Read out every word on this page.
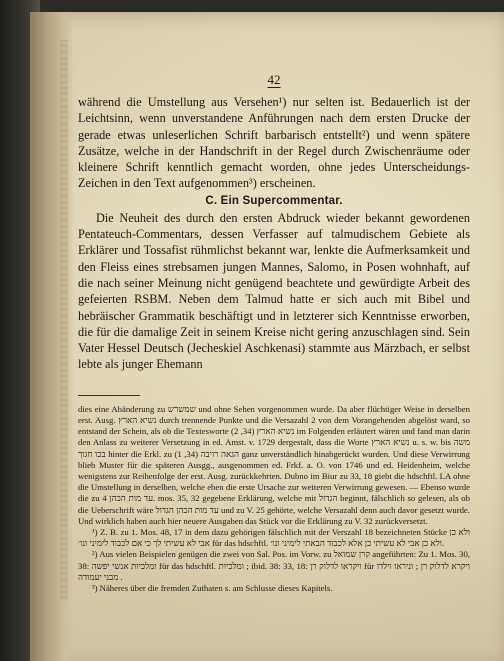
42

während die Umstellung aus Versehen¹) nur selten ist. Bedauerlich ist der Leichtsinn, wenn unverstandene Anführungen nach dem ersten Drucke der gerade etwas unleserlichen Schrift barbarisch entstellt²) und wenn spätere Zusätze, welche in der Handschrift in der Regel durch Zwischenräume oder kleinere Schrift kenntlich gemacht worden, ohne jedes Unterscheidungs-Zeichen in den Text aufgenommen³) erscheinen.

C. Ein Supercommentar.

Die Neuheit des durch den ersten Abdruck wieder bekannt gewordenen Pentateuch-Commentars, dessen Verfasser auf talmudischem Gebiete als Erklärer und Tossafist rühmlichst bekannt war, lenkte die Aufmerksamkeit und den Fleiss eines strebsamen jungen Mannes, Salomo, in Posen wohnhaft, auf die nach seiner Meinung nicht genügend beachtete und gewürdigte Arbeit des gefeierten RSBM. Neben dem Talmud hatte er sich auch mit Bibel und hebräischer Grammatik beschäftigt und in letzterer sich Kenntnisse erworben, die für die damalige Zeit in seinem Kreise nicht gering anzuschlagen sind. Sein Vater Hessel Deutsch (Jecheskiel Aschkenasi) stammte aus Märzbach, er selbst lebte als junger Ehemann

dies eine Abänderung zu שמשרש und ohne Sehen vorgenommen wurde. Da aber flüchtiger Weise in derselben erst. Ausg. נשיא הארץ durch trennende Punkte und die Versazahl 2 von dem Vorangehenden abgelöst ward, so entstand der Schein, als ob die Textesworte נשיא הארץ (34, 2) im Folgenden erläutert wären und fand man darin den Anlass zu weiterer Versetzung in ed. Amst. v. 1729 dergestalt, dass die Worte נשיא הארץ u. s. w. bis משה בכו חגוך hinter die Erkl. zu הגאה רויבה (34, 1) ganz unverständlich hinabgerückt wurden. Und diese Verwirrung blieb Muster für die späteren Ausgg., ausgenommen ed. Frkf. a. O. von 1746 und ed. Heidenheim, welche wenigstens zur Reihenfolge der erst. Ausg. zurückkehrten. Dubno im Biur zu 33, 18 giebt die hdschftl. LA ohne die Umstellung in derselben, welche eben die erste Ursache zur weiteren Verwirrung gewesen. — Ebenso wurde die zu עד מות הכהן 4. mos. 35, 32 gegebene Erklärung, welche mit הגדול beginnt, fälschlich so gelesen, als ob die Ueberschrift wäre עד מות הכהן הגדול und zu V. 25 gehörte, welche Versazahl denn auch davor gesetzt wurde. Und wirklich haben auch hier neuere Ausgaben das Stück vor die Erklärung zu V. 32 zurückversetzt.

¹) Z. B. zu 1. Mos. 48, 17 in dem dazu gehörigen fälschlich mit der Verszahl 18 bezeichneten Stücke ולא כן אבי לא עשיתי לך כי אם לכבוד לימיני ונו׳ für das hdschftl. ולא כן אבי לא עשיתי כן אלא לכבוד הבאתי לימיני ונו׳.

²) Aus vielen Beispielen genügen die zwei von Sal. Pos. im Vorw. zu קרן שמואל angeführten: Zu 1. Mos. 30, 38: ומלכיות אנשי יפשה für das hdschftl. ומלכיות ; ibid. 38: 33, 18: ויקראו לדלוק רן für ויקרא לדלוק רן ; וניראו וילדו מבני יעמודה .

³) Näheres über die fremden Zuthaten s. am Schlusse dieses Kapitels.
